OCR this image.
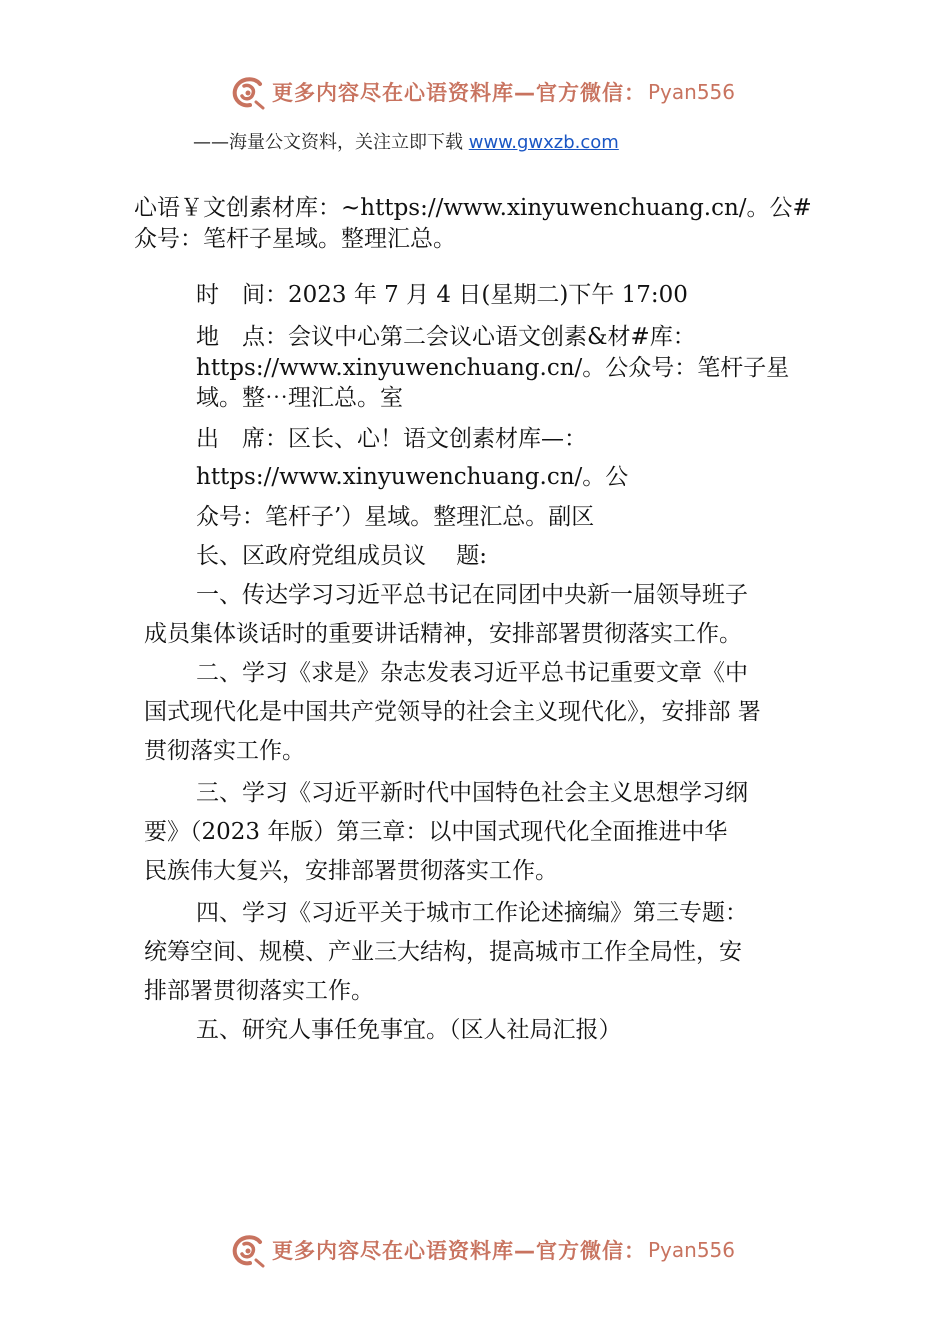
更多内容尽在心语资料库—官方微信： Pyan556
——海量公文资料，关注立即下载 www.gwxzb.com
心语￥文创素材库：~https://www.xinyuwenchuang.cn/。公#
众号：笔杆子星域。整理汇总。
时　间：2023 年 7 月 4 日(星期二)下午 17:00
地　点：会议中心第二会议心语文创素&材#库：
https://www.xinyuwenchuang.cn/。公众号：笔杆子星
域。整⋯理汇总。室
出　席：区长、心！语文创素材库—：
https://www.xinyuwenchuang.cn/。公
众号：笔杆子’）星域。整理汇总。副区
长、区政府党组成员议　 题:
一、传达学习习近平总书记在同团中央新一届领导班子
成员集体谈话时的重要讲话精神，安排部署贯彻落实工作。
二、学习《求是》杂志发表习近平总书记重要文章《中
国式现代化是中国共产党领导的社会主义现代化》，安排部 署
贯彻落实工作。
三、学习《习近平新时代中国特色社会主义思想学习纲
要》（2023 年版）第三章：以中国式现代化全面推进中华
民族伟大复兴，安排部署贯彻落实工作。
四、学习《习近平关于城市工作论述摘编》第三专题：
统筹空间、规模、产业三大结构，提高城市工作全局性，安
排部署贯彻落实工作。
五、研究人事任免事宜。（区人社局汇报）
更多内容尽在心语资料库—官方微信： Pyan556
